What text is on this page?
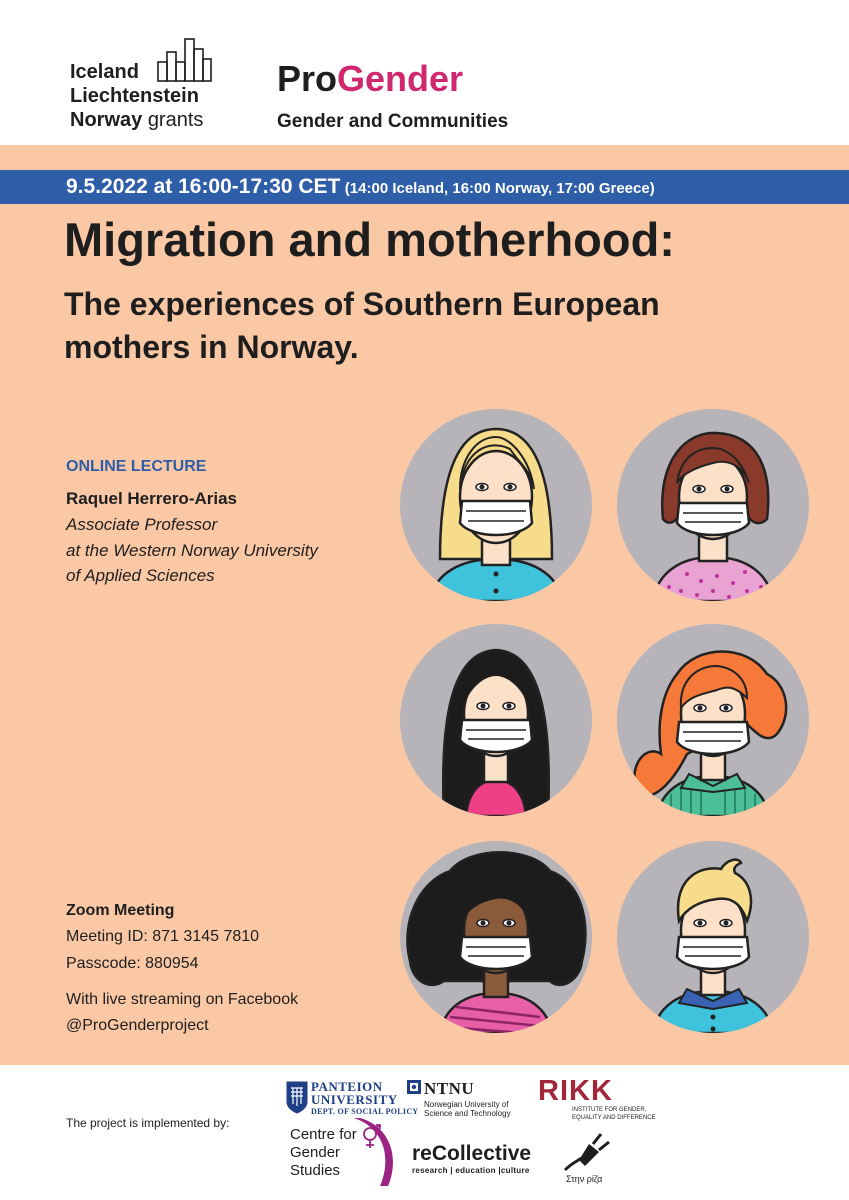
Iceland
Liechtenstein
Norway grants
ProGender
Gender and Communities
9.5.2022 at 16:00-17:30 CET (14:00 Iceland, 16:00 Norway, 17:00 Greece)
Migration and motherhood:
The experiences of Southern European
mothers in Norway.
ONLINE LECTURE
Raquel Herrero-Arias
Associate Professor
at the Western Norway University
of Applied Sciences
Zoom Meeting
Meeting ID: 871 3145 7810
Passcode: 880954
With live streaming on Facebook
@ProGenderproject
The project is implemented by:
PANTEION
UNIVERSITY
DEPT. OF SOCIAL POLICY
Centre for
Gender
Studies
NTNU
Norwegian University of
Science and Technology
RIKK
INSTITUTE FOR GENDER,
EQUALITY AND DIFFERENCE
reCollective
research | education |culture
Στην ρίζα
